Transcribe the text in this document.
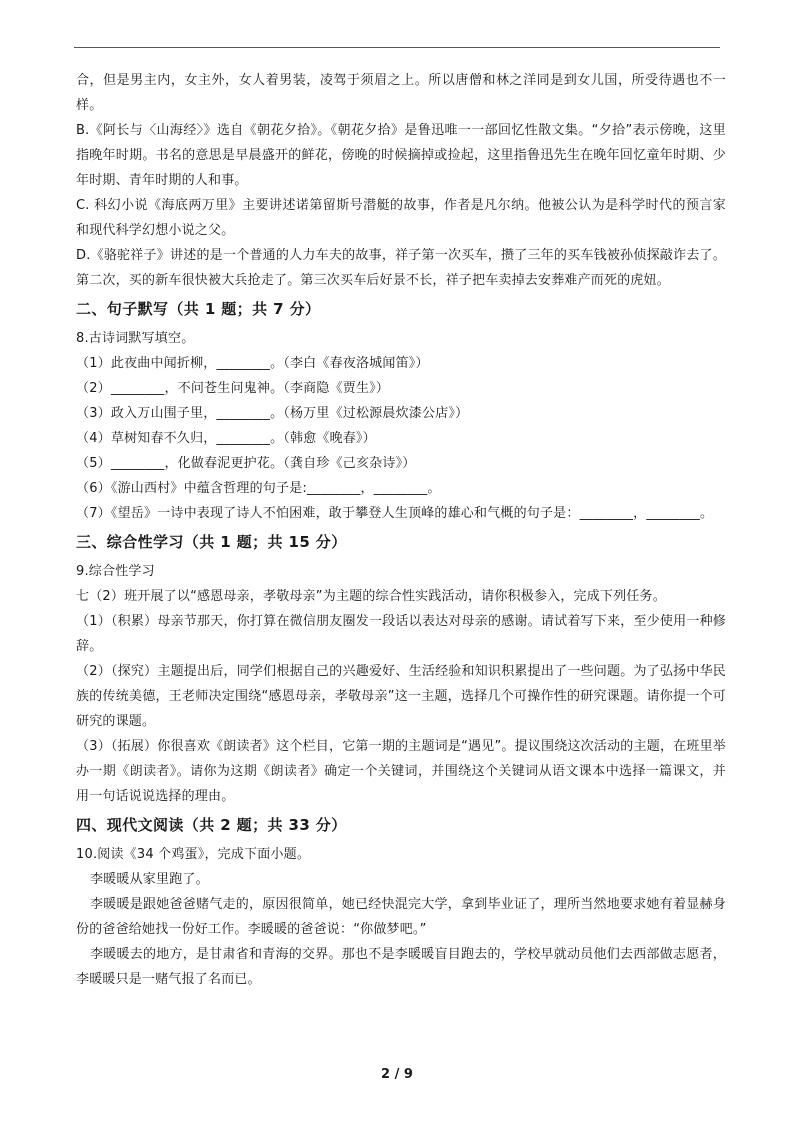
合，但是男主内，女主外，女人着男装，凌驾于须眉之上。所以唐僧和林之洋同是到女儿国，所受待遇也不一样。

B.《阿长与〈山海经〉》选自《朝花夕拾》。《朝花夕拾》是鲁迅唯一一部回忆性散文集。“夕拾”表示傍晚，这里指晚年时期。书名的意思是早晨盛开的鲜花，傍晚的时候摘掉或捡起，这里指鲁迅先生在晚年回忆童年时期、少年时期、青年时期的人和事。

C. 科幻小说《海底两万里》主要讲述诺第留斯号潜艇的故事，作者是凡尔纳。他被公认为是科学时代的预言家和现代科学幻想小说之父。

D.《骆驼祥子》讲述的是一个普通的人力车夫的故事，祥子第一次买车，攒了三年的买车钱被孙侦探敲诈去了。第二次，买的新车很快被大兵抢走了。第三次买车后好景不长，祥子把车卖掉去安葬难产而死的虎妞。

二、句子默写（共 1 题；共 7 分）

8.古诗词默写填空。

（1）此夜曲中闻折柳，________。（李白《春夜洛城闻笛》）

（2）________，不问苍生问鬼神。（李商隐《贾生》）

（3）政入万山围子里，________。（杨万里《过松源晨炊漆公店》）

（4）草树知春不久归，________。（韩愈《晚春》）

（5）________，化做春泥更护花。（龚自珍《己亥杂诗》）

（6）《游山西村》中蕴含哲理的句子是:________，________。

（7）《望岳》一诗中表现了诗人不怕困难，敢于攀登人生顶峰的雄心和气概的句子是：________，________。

三、综合性学习（共 1 题；共 15 分）

9.综合性学习

七（2）班开展了以“感恩母亲，孝敬母亲”为主题的综合性实践活动，请你积极参入，完成下列任务。

（1）（积累）母亲节那天，你打算在微信朋友圈发一段话以表达对母亲的感谢。请试着写下来，至少使用一种修辞。

（2）（探究）主题提出后，同学们根据自己的兴趣爱好、生活经验和知识积累提出了一些问题。为了弘扬中华民族的传统美德，王老师决定围绕“感恩母亲，孝敬母亲”这一主题，选择几个可操作性的研究课题。请你提一个可研究的课题。

（3）（拓展）你很喜欢《朗读者》这个栏目，它第一期的主题词是“遇见”。提议围绕这次活动的主题，在班里举办一期《朗读者》。请你为这期《朗读者》确定一个关键词，并围绕这个关键词从语文课本中选择一篇课文，并用一句话说说选择的理由。

四、现代文阅读（共 2 题；共 33 分）

10.阅读《34 个鸡蛋》，完成下面小题。

李暖暖从家里跑了。

李暖暖是跟她爸爸赌气走的，原因很简单，她已经快混完大学，拿到毕业证了，理所当然地要求她有着显赫身份的爸爸给她找一份好工作。李暖暖的爸爸说：“你做梦吧。”

李暖暖去的地方，是甘肃省和青海的交界。那也不是李暖暖盲目跑去的，学校早就动员他们去西部做志愿者，李暖暖只是一赌气报了名而已。

2 / 9
